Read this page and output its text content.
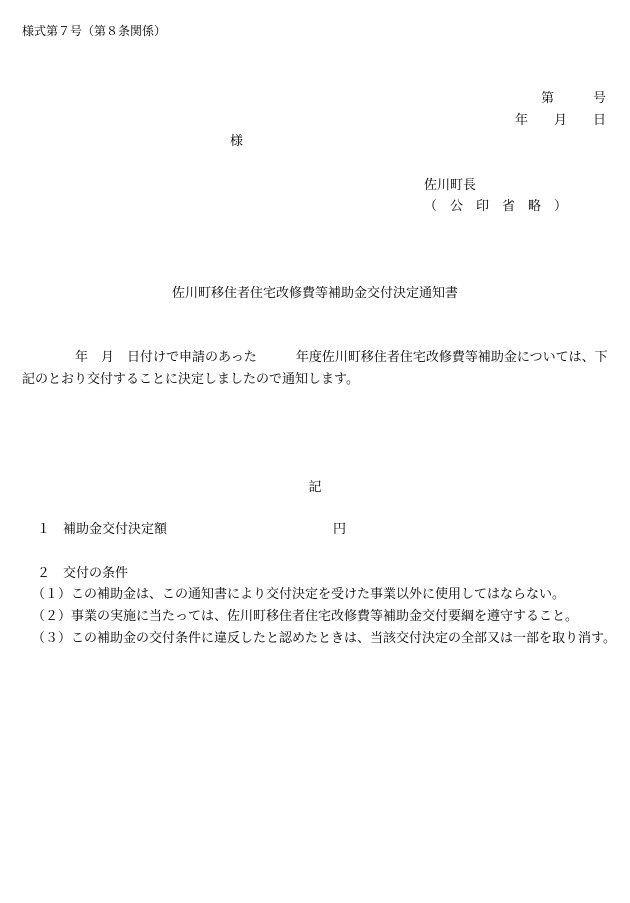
様式第７号（第８条関係）
第　　　号
年　　月　　日
様
佐川町長
（　公　印　省　略　）
佐川町移住者住宅改修費等補助金交付決定通知書
年　月　日付けで申請のあった　　　年度佐川町移住者住宅改修費等補助金については、下
記のとおり交付することに決定しましたので通知します。
記
１　補助金交付決定額	円
２　交付の条件
（１）この補助金は、この通知書により交付決定を受けた事業以外に使用してはならない。
（２）事業の実施に当たっては、佐川町移住者住宅改修費等補助金交付要綱を遵守すること。
（３）この補助金の交付条件に違反したと認めたときは、当該交付決定の全部又は一部を取り消す。
